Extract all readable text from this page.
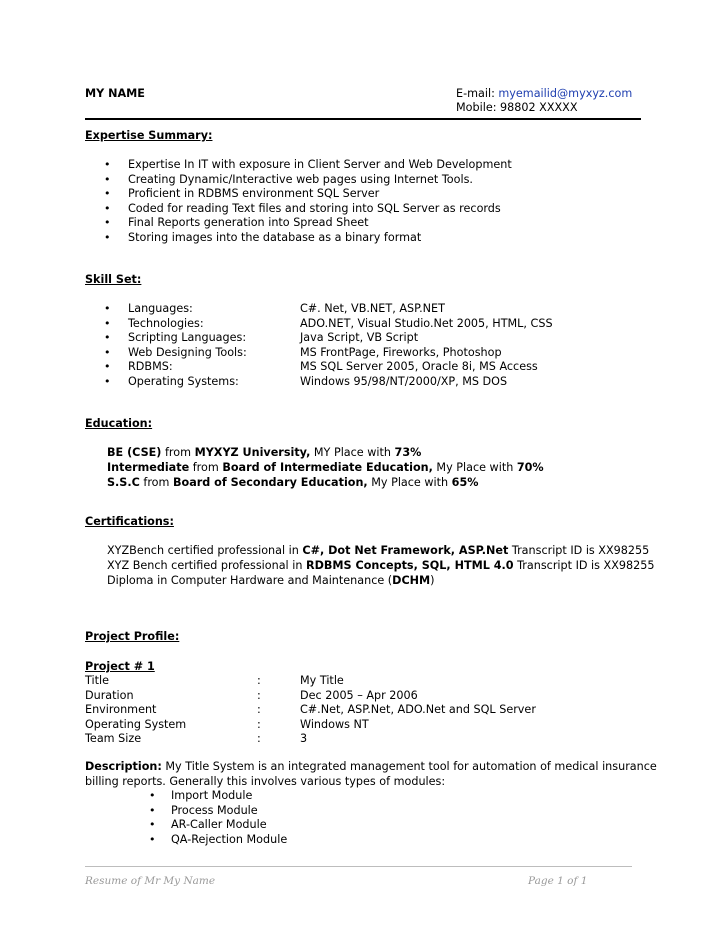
MY NAME	E-mail: myemailid@myxyz.com
Mobile: 98802 XXXXX
Expertise Summary:
• Expertise In IT with exposure in Client Server and Web Development
• Creating Dynamic/Interactive web pages using Internet Tools.
• Proficient in RDBMS environment SQL Server
• Coded for reading Text files and storing into SQL Server as records
• Final Reports generation into Spread Sheet
• Storing images into the database as a binary format
Skill Set:
• Languages:	C#. Net, VB.NET, ASP.NET
• Technologies:	ADO.NET, Visual Studio.Net 2005, HTML, CSS
• Scripting Languages:	Java Script, VB Script
• Web Designing Tools:	MS FrontPage, Fireworks, Photoshop
• RDBMS:	MS SQL Server 2005, Oracle 8i, MS Access
• Operating Systems:	Windows 95/98/NT/2000/XP, MS DOS
Education:
BE (CSE) from MYXYZ University, MY Place with 73%
Intermediate from Board of Intermediate Education, My Place with 70%
S.S.C from Board of Secondary Education, My Place with 65%
Certifications:
XYZBench certified professional in C#, Dot Net Framework, ASP.Net Transcript ID is XX98255
XYZ Bench certified professional in RDBMS Concepts, SQL, HTML 4.0 Transcript ID is XX98255
Diploma in Computer Hardware and Maintenance (DCHM)
Project Profile:
Project # 1
Title	:	My Title
Duration	:	Dec 2005 – Apr 2006
Environment	:	C#.Net, ASP.Net, ADO.Net and SQL Server
Operating System	:	Windows NT
Team Size	:	3
Description: My Title System is an integrated management tool for automation of medical insurance
billing reports. Generally this involves various types of modules:
• Import Module
• Process Module
• AR-Caller Module
• QA-Rejection Module
Resume of Mr My Name	Page 1 of 1
